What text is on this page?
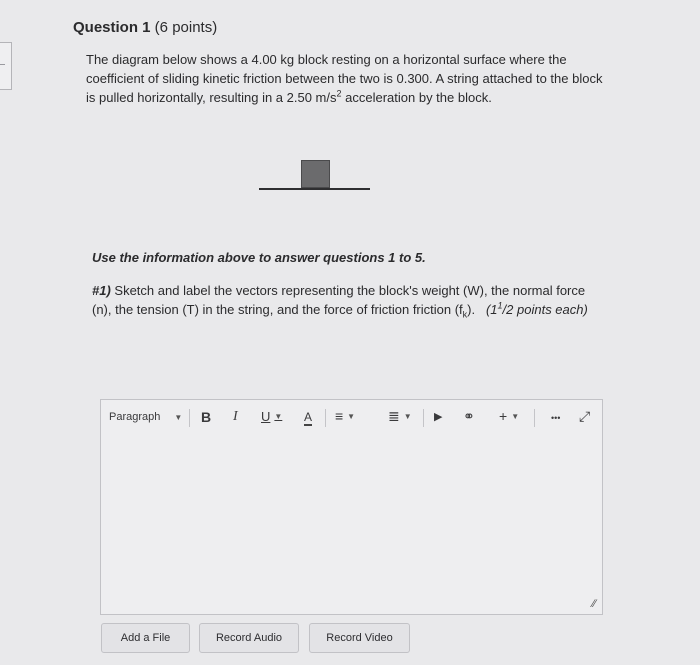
Question 1 (6 points)
The diagram below shows a 4.00 kg block resting on a horizontal surface where the coefficient of sliding kinetic friction between the two is 0.300. A string attached to the block is pulled horizontally, resulting in a 2.50 $m/s^2$ acceleration by the block.
Use the information above to answer questions 1 to 5.
#1) Sketch and label the vectors representing the block's weight (W), the normal force (n), the tension (T) in the string, and the force of friction friction $(f_k)$. ($1^1/2$ points each)
Paragraph ▼ B I U ▼ A ≡ ▼ ≣ ▼ ▶ ⚭ + ▼	••• ⤢
∕∕
Add a File	Record Audio	Record Video
